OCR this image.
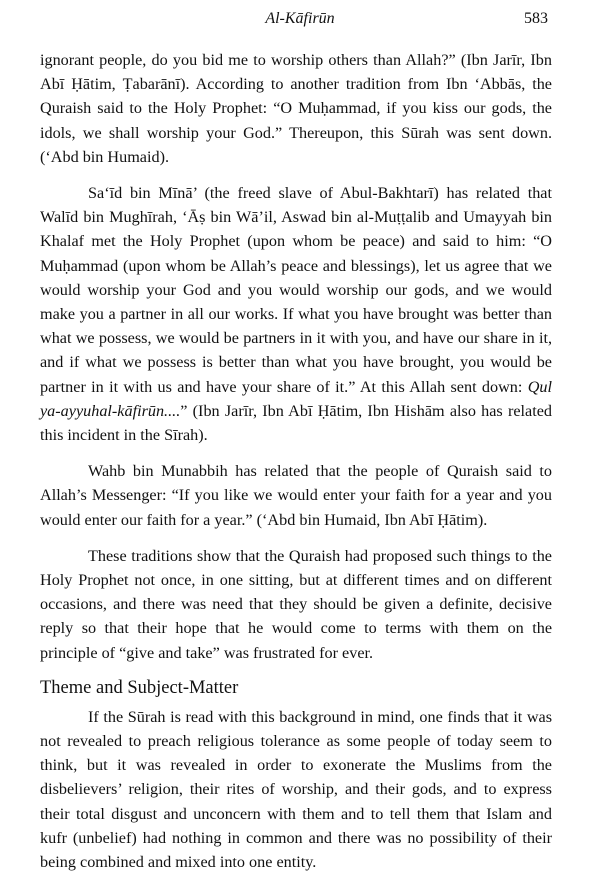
Al-Kāfirūn	583

ignorant people, do you bid me to worship others than Allah?” (Ibn Jarīr, Ibn Abī Ḥātim, Ṭabarānī). According to another tradition from Ibn ‘Abbās, the Quraish said to the Holy Prophet: “O Muḥammad, if you kiss our gods, the idols, we shall worship your God.” Thereupon, this Sūrah was sent down. (‘Abd bin Humaid).

Sa‘īd bin Mīnā’ (the freed slave of Abul-Bakhtarī) has related that Walīd bin Mughīrah, ‘Āṣ bin Wā’il, Aswad bin al-Muṭṭalib and Umayyah bin Khalaf met the Holy Prophet (upon whom be peace) and said to him: “O Muḥammad (upon whom be Allah’s peace and blessings), let us agree that we would worship your God and you would worship our gods, and we would make you a partner in all our works. If what you have brought was better than what we possess, we would be partners in it with you, and have our share in it, and if what we possess is better than what you have brought, you would be partner in it with us and have your share of it.” At this Allah sent down: Qul ya-ayyuhal-kāfirūn....” (Ibn Jarīr, Ibn Abī Ḥātim, Ibn Hishām also has related this incident in the Sīrah).

Wahb bin Munabbih has related that the people of Quraish said to Allah’s Messenger: “If you like we would enter your faith for a year and you would enter our faith for a year.” (‘Abd bin Humaid, Ibn Abī Ḥātim).

These traditions show that the Quraish had proposed such things to the Holy Prophet not once, in one sitting, but at different times and on different occasions, and there was need that they should be given a definite, decisive reply so that their hope that he would come to terms with them on the principle of “give and take” was frustrated for ever.

Theme and Subject-Matter

If the Sūrah is read with this background in mind, one finds that it was not revealed to preach religious tolerance as some people of today seem to think, but it was revealed in order to exonerate the Muslims from the disbelievers’ religion, their rites of worship, and their gods, and to express their total disgust and unconcern with them and to tell them that Islam and kufr (unbelief) had nothing in common and there was no possibility of their being combined and mixed into one entity.
